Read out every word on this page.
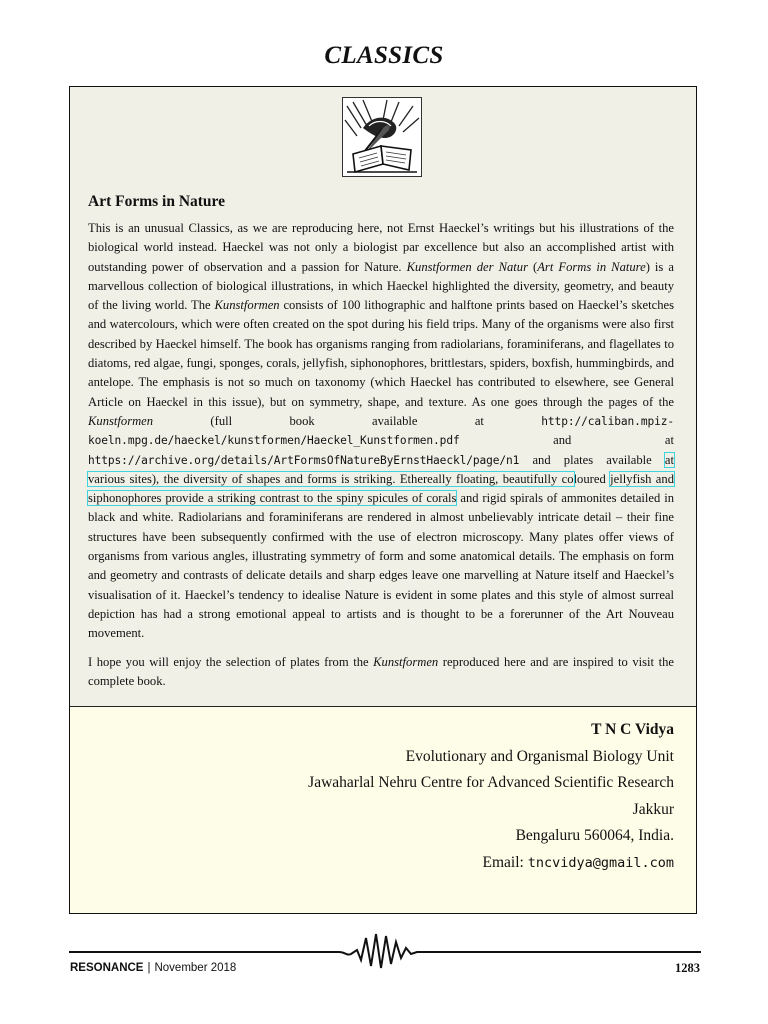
CLASSICS
Art Forms in Nature

This is an unusual Classics, as we are reproducing here, not Ernst Haeckel’s writings but his illustrations of the biological world instead. Haeckel was not only a biologist par excellence but also an accomplished artist with outstanding power of observation and a passion for Nature. Kunstformen der Natur (Art Forms in Nature) is a marvellous collection of biological illustrations, in which Haeckel highlighted the diversity, geometry, and beauty of the living world. The Kunstformen consists of 100 lithographic and halftone prints based on Haeckel’s sketches and watercolours, which were often created on the spot during his field trips. Many of the organisms were also first described by Haeckel himself. The book has organisms ranging from radiolarians, foraminiferans, and flagellates to diatoms, red algae, fungi, sponges, corals, jellyfish, siphonophores, brittlestars, spiders, boxfish, hummingbirds, and antelope. The emphasis is not so much on taxonomy (which Haeckel has contributed to elsewhere, see General Article on Haeckel in this issue), but on symmetry, shape, and texture. As one goes through the pages of the Kunstformen (full book available at http://caliban.mpiz-koeln.mpg.de/haeckel/kunstformen/Haeckel_Kunstformen.pdf and at https://archive.org/details/ArtFormsOfNatureByErnstHaeckl/page/n1 and plates available at various sites), the diversity of shapes and forms is striking. Ethereally floating, beautifully coloured jellyfish and siphonophores provide a striking contrast to the spiny spicules of corals and rigid spirals of ammonites detailed in black and white. Radiolarians and foraminiferans are rendered in almost unbelievably intricate detail – their fine structures have been subsequently confirmed with the use of electron microscopy. Many plates offer views of organisms from various angles, illustrating symmetry of form and some anatomical details. The emphasis on form and geometry and contrasts of delicate details and sharp edges leave one marvelling at Nature itself and Haeckel’s visualisation of it. Haeckel’s tendency to idealise Nature is evident in some plates and this style of almost surreal depiction has had a strong emotional appeal to artists and is thought to be a forerunner of the Art Nouveau movement.

I hope you will enjoy the selection of plates from the Kunstformen reproduced here and are inspired to visit the complete book.

T N C Vidya
Evolutionary and Organismal Biology Unit
Jawaharlal Nehru Centre for Advanced Scientific Research
Jakkur
Bengaluru 560064, India.
Email: tncvidya@gmail.com
RESONANCE | November 2018	1283
